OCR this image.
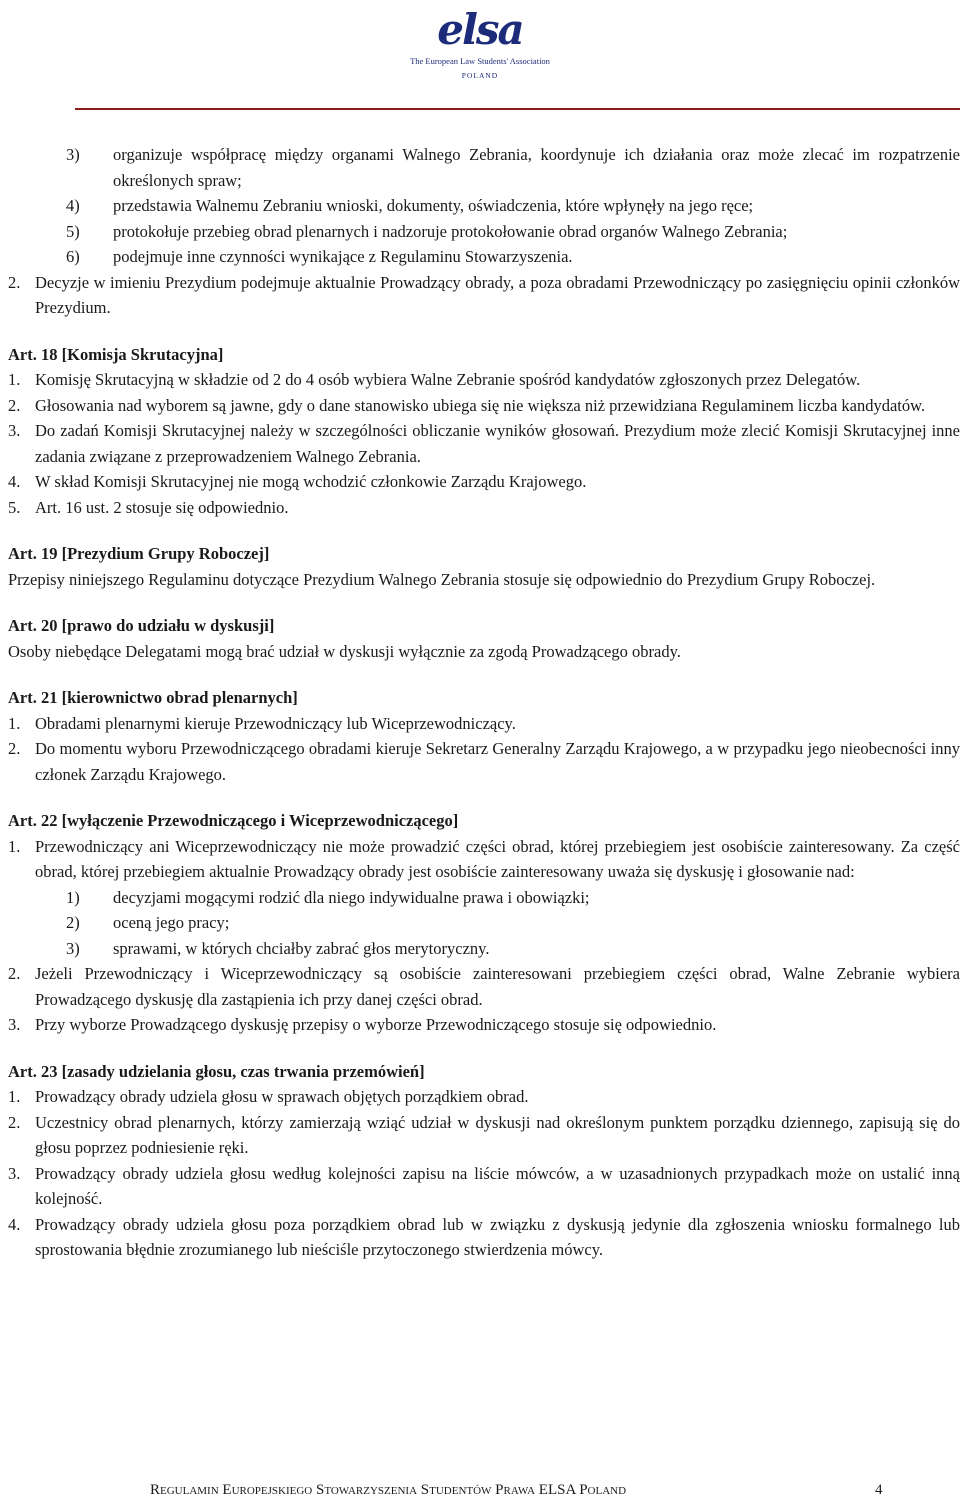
elsa
The European Law Students' Association
POLAND

3) organizuje współpracę między organami Walnego Zebrania, koordynuje ich działania oraz może zlecać im rozpatrzenie określonych spraw;

4) przedstawia Walnemu Zebraniu wnioski, dokumenty, oświadczenia, które wpłynęły na jego ręce;

5) protokołuje przebieg obrad plenarnych i nadzoruje protokołowanie obrad organów Walnego Zebrania;

6) podejmuje inne czynności wynikające z Regulaminu Stowarzyszenia.

2. Decyzje w imieniu Prezydium podejmuje aktualnie Prowadzący obrady, a poza obradami Przewodniczący po zasięgnięciu opinii członków Prezydium.

Art. 18 [Komisja Skrutacyjna]

1. Komisję Skrutacyjną w składzie od 2 do 4 osób wybiera Walne Zebranie spośród kandydatów zgłoszonych przez Delegatów.

2. Głosowania nad wyborem są jawne, gdy o dane stanowisko ubiega się nie większa niż przewidziana Regulaminem liczba kandydatów.

3. Do zadań Komisji Skrutacyjnej należy w szczególności obliczanie wyników głosowań. Prezydium może zlecić Komisji Skrutacyjnej inne zadania związane z przeprowadzeniem Walnego Zebrania.

4. W skład Komisji Skrutacyjnej nie mogą wchodzić członkowie Zarządu Krajowego.

5. Art. 16 ust. 2 stosuje się odpowiednio.

Art. 19 [Prezydium Grupy Roboczej]

Przepisy niniejszego Regulaminu dotyczące Prezydium Walnego Zebrania stosuje się odpowiednio do Prezydium Grupy Roboczej.

Art. 20 [prawo do udziału w dyskusji]

Osoby niebędące Delegatami mogą brać udział w dyskusji wyłącznie za zgodą Prowadzącego obrady.

Art. 21 [kierownictwo obrad plenarnych]

1. Obradami plenarnymi kieruje Przewodniczący lub Wiceprzewodniczący.

2. Do momentu wyboru Przewodniczącego obradami kieruje Sekretarz Generalny Zarządu Krajowego, a w przypadku jego nieobecności inny członek Zarządu Krajowego.

Art. 22 [wyłączenie Przewodniczącego i Wiceprzewodniczącego]

1. Przewodniczący ani Wiceprzewodniczący nie może prowadzić części obrad, której przebiegiem jest osobiście zainteresowany. Za część obrad, której przebiegiem aktualnie Prowadzący obrady jest osobiście zainteresowany uważa się dyskusję i głosowanie nad:

1) decyzjami mogącymi rodzić dla niego indywidualne prawa i obowiązki;

2) oceną jego pracy;

3) sprawami, w których chciałby zabrać głos merytoryczny.

2. Jeżeli Przewodniczący i Wiceprzewodniczący są osobiście zainteresowani przebiegiem części obrad, Walne Zebranie wybiera Prowadzącego dyskusję dla zastąpienia ich przy danej części obrad.

3. Przy wyborze Prowadzącego dyskusję przepisy o wyborze Przewodniczącego stosuje się odpowiednio.

Art. 23 [zasady udzielania głosu, czas trwania przemówień]

1. Prowadzący obrady udziela głosu w sprawach objętych porządkiem obrad.

2. Uczestnicy obrad plenarnych, którzy zamierzają wziąć udział w dyskusji nad określonym punktem porządku dziennego, zapisują się do głosu poprzez podniesienie ręki.

3. Prowadzący obrady udziela głosu według kolejności zapisu na liście mówców, a w uzasadnionych przypadkach może on ustalić inną kolejność.

4. Prowadzący obrady udziela głosu poza porządkiem obrad lub w związku z dyskusją jedynie dla zgłoszenia wniosku formalnego lub sprostowania błędnie zrozumianego lub nieściśle przytoczonego stwierdzenia mówcy.

Regulamin Europejskiego Stowarzyszenia Studentów Prawa ELSA Poland	4
